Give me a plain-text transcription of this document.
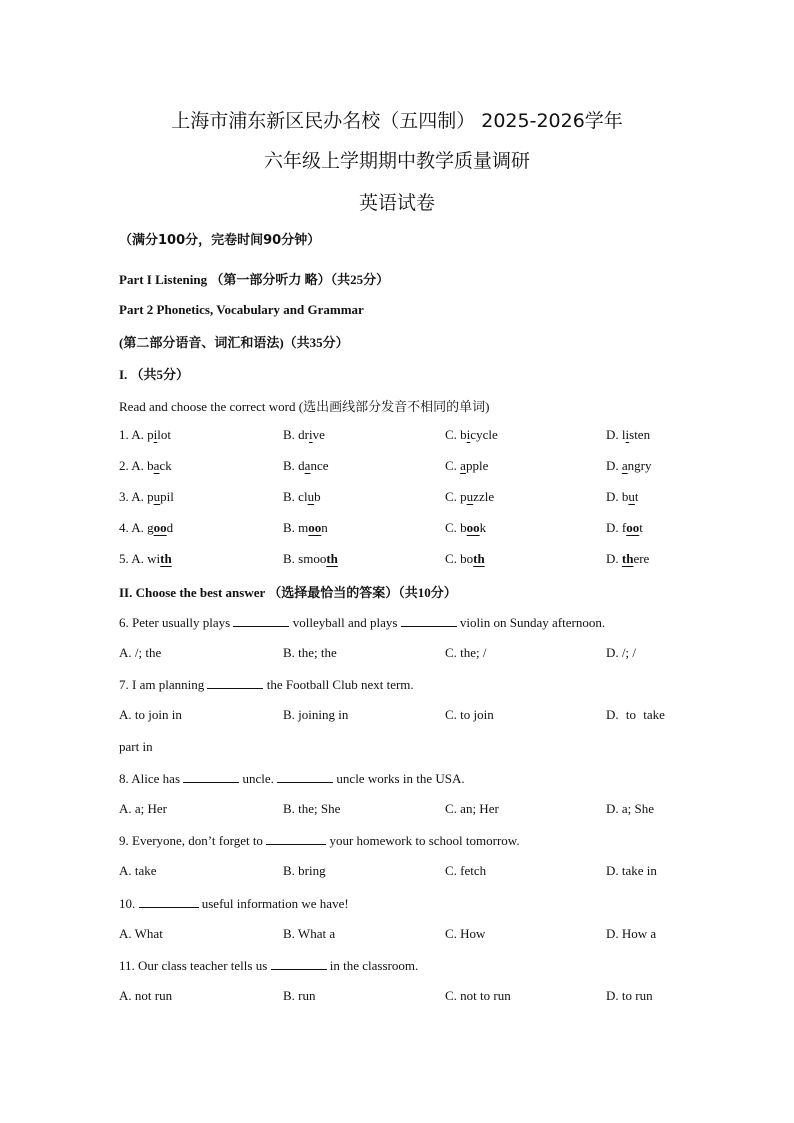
上海市浦东新区民办名校（五四制） 2025-2026学年
六年级上学期期中教学质量调研
英语试卷
（满分100分，完卷时间90分钟）
Part I Listening （第一部分听力 略）（共25分）
Part 2 Phonetics, Vocabulary and Grammar
(第二部分语音、词汇和语法)（共35分）
I. （共5分）
Read and choose the correct word (选出画线部分发音不相同的单词)
1. A. pilot	B. drive	C. bicycle	D. listen
2. A. back	B. dance	C. apple	D. angry
3. A. pupil	B. club	C. puzzle	D. but
4. A. good	B. moon	C. book	D. foot
5. A. with	B. smooth	C. both	D. there
II. Choose the best answer （选择最恰当的答案）（共10分）
6. Peter usually plays	volleyball and plays	violin on Sunday afternoon.
A. /; the	B. the; the	C. the; /	D. /; /
7. I am planning	the Football Club next term.
A. to join in	B. joining in	C. to join	D. to take
part in
8. Alice has	uncle.	uncle works in the USA.
A. a; Her	B. the; She	C. an; Her	D. a; She
9. Everyone, don’t forget to	your homework to school tomorrow.
A. take	B. bring	C. fetch	D. take in
10.	useful information we have!
A. What	B. What a	C. How	D. How a
11. Our class teacher tells us	in the classroom.
A. not run	B. run	C. not to run	D. to run
